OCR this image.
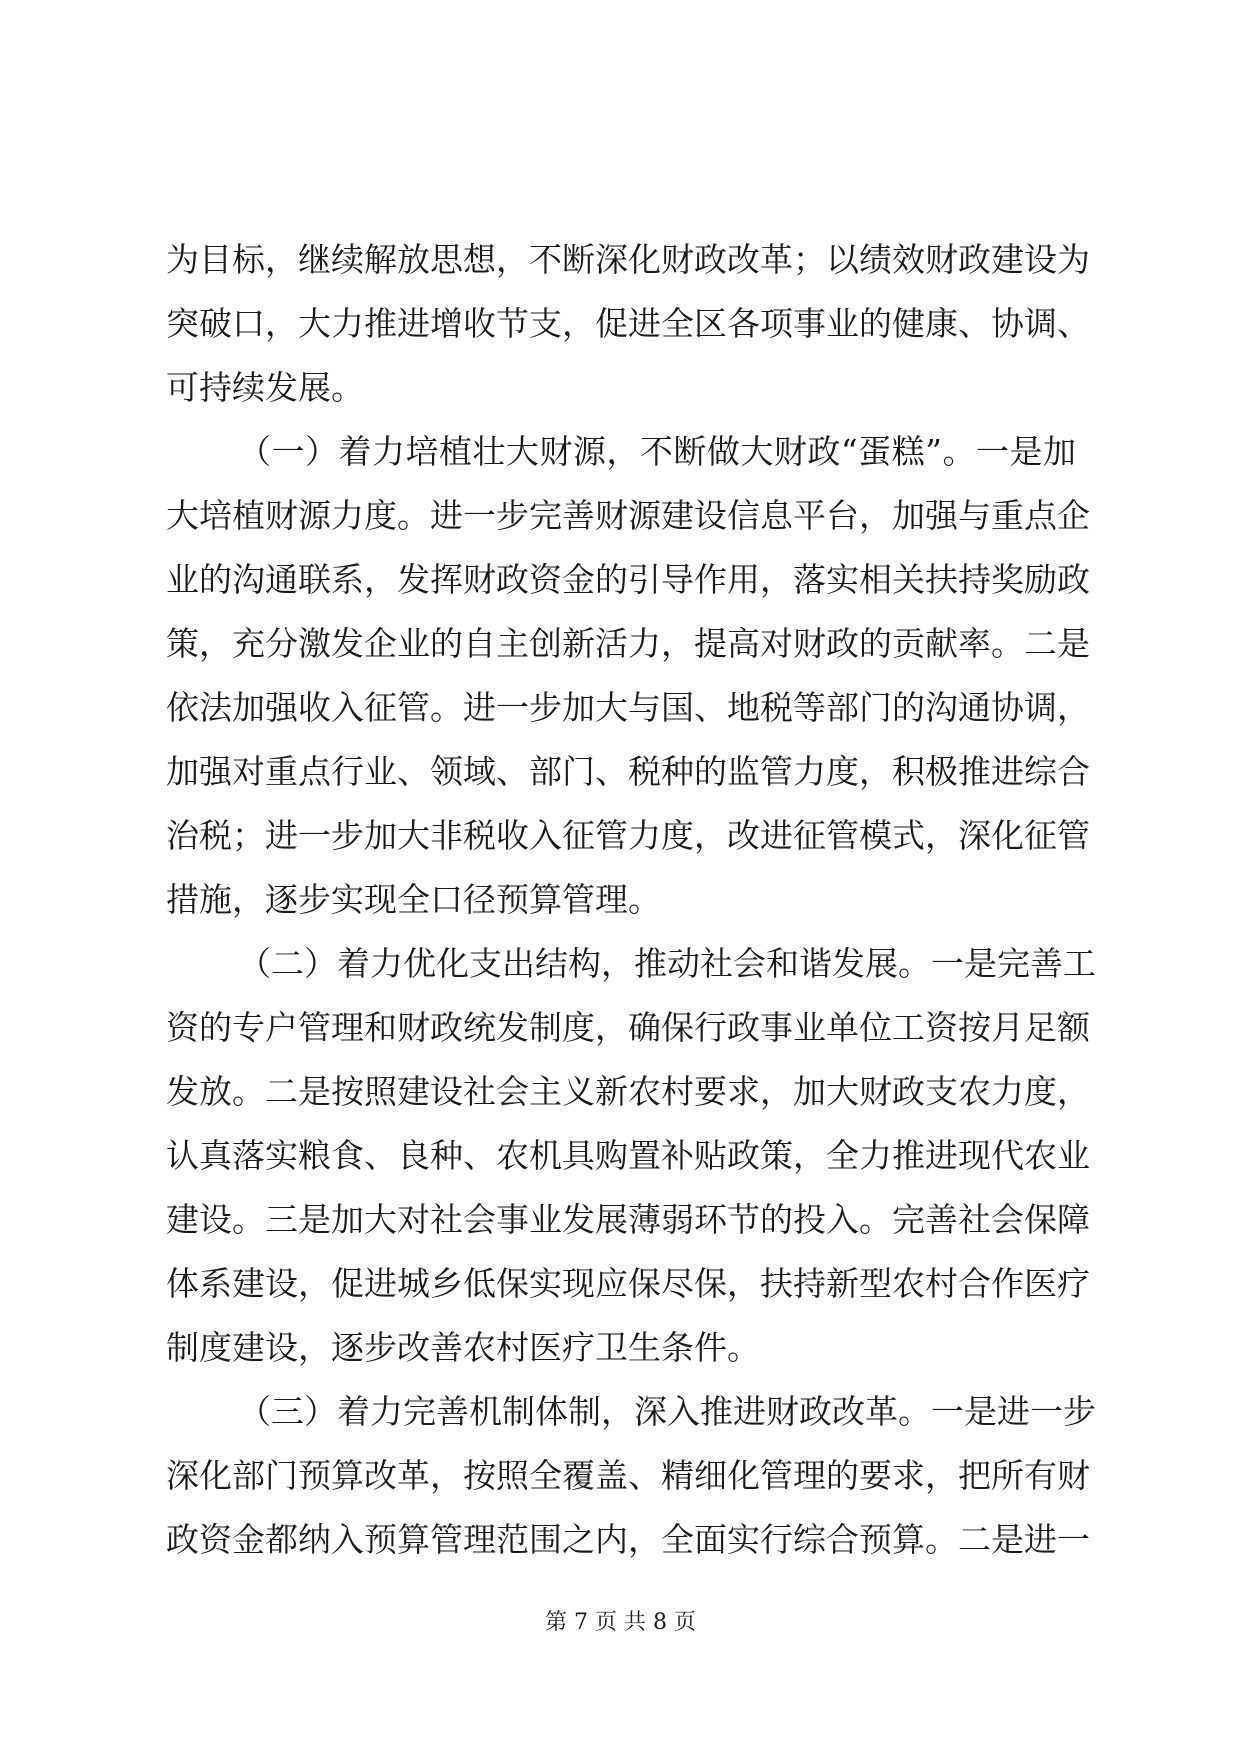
为目标，继续解放思想，不断深化财政改革；以绩效财政建设为
突破口，大力推进增收节支，促进全区各项事业的健康、协调、
可持续发展。
（一）着力培植壮大财源，不断做大财政“蛋糕”。一是加
大培植财源力度。进一步完善财源建设信息平台，加强与重点企
业的沟通联系，发挥财政资金的引导作用，落实相关扶持奖励政
策，充分激发企业的自主创新活力，提高对财政的贡献率。二是
依法加强收入征管。进一步加大与国、地税等部门的沟通协调，
加强对重点行业、领域、部门、税种的监管力度，积极推进综合
治税；进一步加大非税收入征管力度，改进征管模式，深化征管
措施，逐步实现全口径预算管理。
（二）着力优化支出结构，推动社会和谐发展。一是完善工
资的专户管理和财政统发制度，确保行政事业单位工资按月足额
发放。二是按照建设社会主义新农村要求，加大财政支农力度，
认真落实粮食、良种、农机具购置补贴政策，全力推进现代农业
建设。三是加大对社会事业发展薄弱环节的投入。完善社会保障
体系建设，促进城乡低保实现应保尽保，扶持新型农村合作医疗
制度建设，逐步改善农村医疗卫生条件。
（三）着力完善机制体制，深入推进财政改革。一是进一步
深化部门预算改革，按照全覆盖、精细化管理的要求，把所有财
政资金都纳入预算管理范围之内，全面实行综合预算。二是进一
第 7 页 共 8 页
